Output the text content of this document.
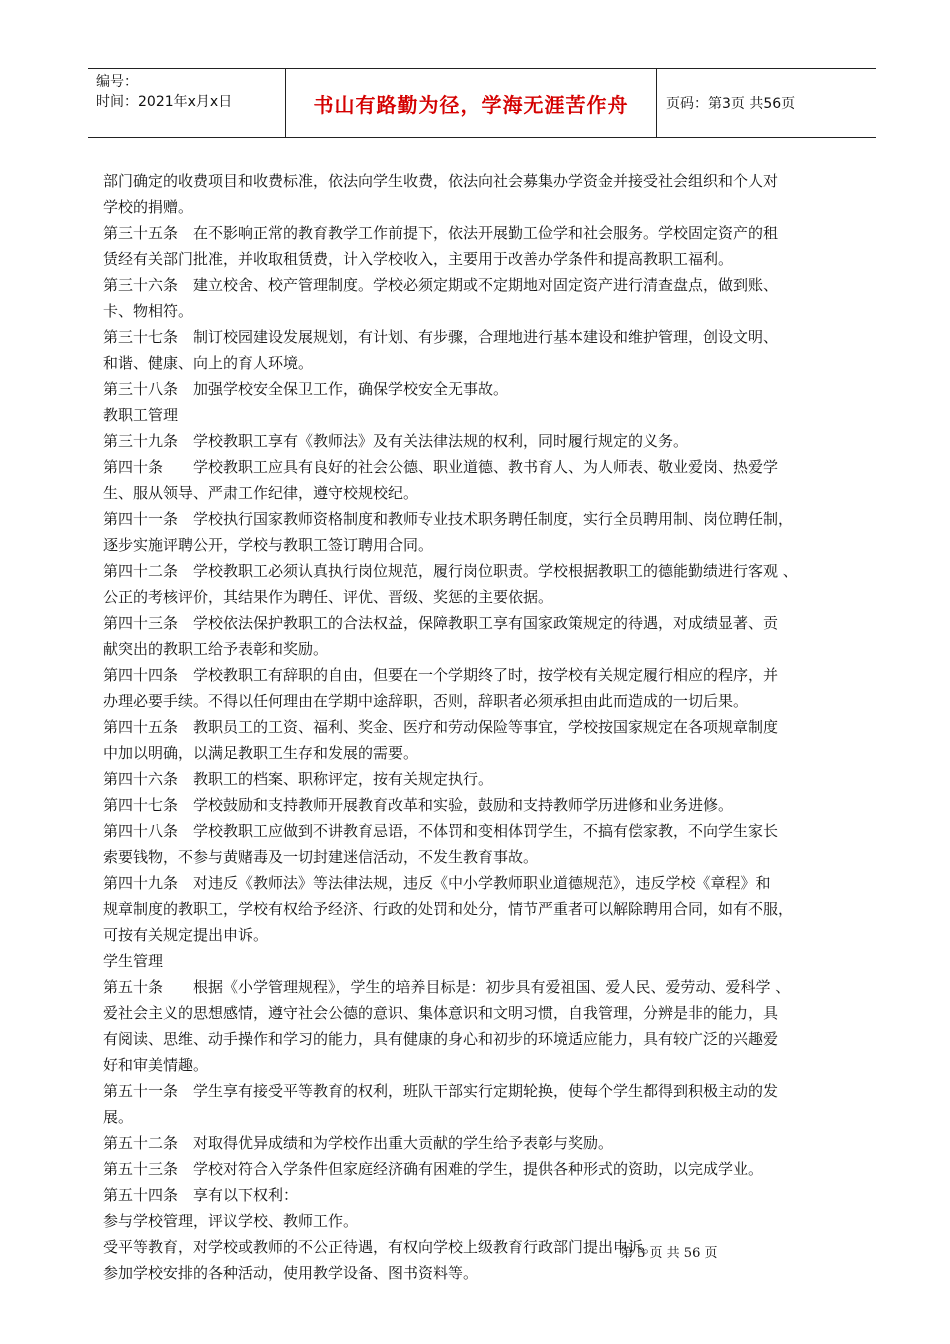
编号：
时间：2021年x月x日	书山有路勤为径，学海无涯苦作舟	页码：第3页 共56页
部门确定的收费项目和收费标准，依法向学生收费，依法向社会募集办学资金并接受社会组织和个人对
学校的捐赠。
第三十五条　在不影响正常的教育教学工作前提下，依法开展勤工俭学和社会服务。学校固定资产的租
赁经有关部门批准，并收取租赁费，计入学校收入，主要用于改善办学条件和提高教职工福利。
第三十六条　建立校舍、校产管理制度。学校必须定期或不定期地对固定资产进行清查盘点，做到账、
卡、物相符。
第三十七条　制订校园建设发展规划，有计划、有步骤，合理地进行基本建设和维护管理，创设文明、
和谐、健康、向上的育人环境。
第三十八条　加强学校安全保卫工作，确保学校安全无事故。
教职工管理
第三十九条　学校教职工享有《教师法》及有关法律法规的权利，同时履行规定的义务。
第四十条　　学校教职工应具有良好的社会公德、职业道德、教书育人、为人师表、敬业爱岗、热爱学
生、服从领导、严肃工作纪律，遵守校规校纪。
第四十一条　学校执行国家教师资格制度和教师专业技术职务聘任制度，实行全员聘用制、岗位聘任制，
逐步实施评聘公开，学校与教职工签订聘用合同。
第四十二条　学校教职工必须认真执行岗位规范，履行岗位职责。学校根据教职工的德能勤绩进行客观 、
公正的考核评价，其结果作为聘任、评优、晋级、奖惩的主要依据。
第四十三条　学校依法保护教职工的合法权益，保障教职工享有国家政策规定的待遇，对成绩显著、贡
献突出的教职工给予表彰和奖励。
第四十四条　学校教职工有辞职的自由，但要在一个学期终了时，按学校有关规定履行相应的程序，并
办理必要手续。不得以任何理由在学期中途辞职，否则，辞职者必须承担由此而造成的一切后果。
第四十五条　教职员工的工资、福利、奖金、医疗和劳动保险等事宜，学校按国家规定在各项规章制度
中加以明确，以满足教职工生存和发展的需要。
第四十六条　教职工的档案、职称评定，按有关规定执行。
第四十七条　学校鼓励和支持教师开展教育改革和实验，鼓励和支持教师学历进修和业务进修。
第四十八条　学校教职工应做到不讲教育忌语，不体罚和变相体罚学生，不搞有偿家教，不向学生家长
索要钱物，不参与黄赌毒及一切封建迷信活动，不发生教育事故。
第四十九条　对违反《教师法》等法律法规，违反《中小学教师职业道德规范》，违反学校《章程》和
规章制度的教职工，学校有权给予经济、行政的处罚和处分，情节严重者可以解除聘用合同，如有不服，
可按有关规定提出申诉。
学生管理
第五十条　　根据《小学管理规程》，学生的培养目标是：初步具有爱祖国、爱人民、爱劳动、爱科学 、
爱社会主义的思想感情，遵守社会公德的意识、集体意识和文明习惯，自我管理，分辨是非的能力，具
有阅读、思维、动手操作和学习的能力，具有健康的身心和初步的环境适应能力，具有较广泛的兴趣爱
好和审美情趣。
第五十一条　学生享有接受平等教育的权利，班队干部实行定期轮换，使每个学生都得到积极主动的发
展。
第五十二条　对取得优异成绩和为学校作出重大贡献的学生给予表彰与奖励。
第五十三条　学校对符合入学条件但家庭经济确有困难的学生，提供各种形式的资助，以完成学业。
第五十四条　享有以下权利：
参与学校管理，评议学校、教师工作。
受平等教育，对学校或教师的不公正待遇，有权向学校上级教育行政部门提出申诉。
参加学校安排的各种活动，使用教学设备、图书资料等。
第 3 页 共 56 页
